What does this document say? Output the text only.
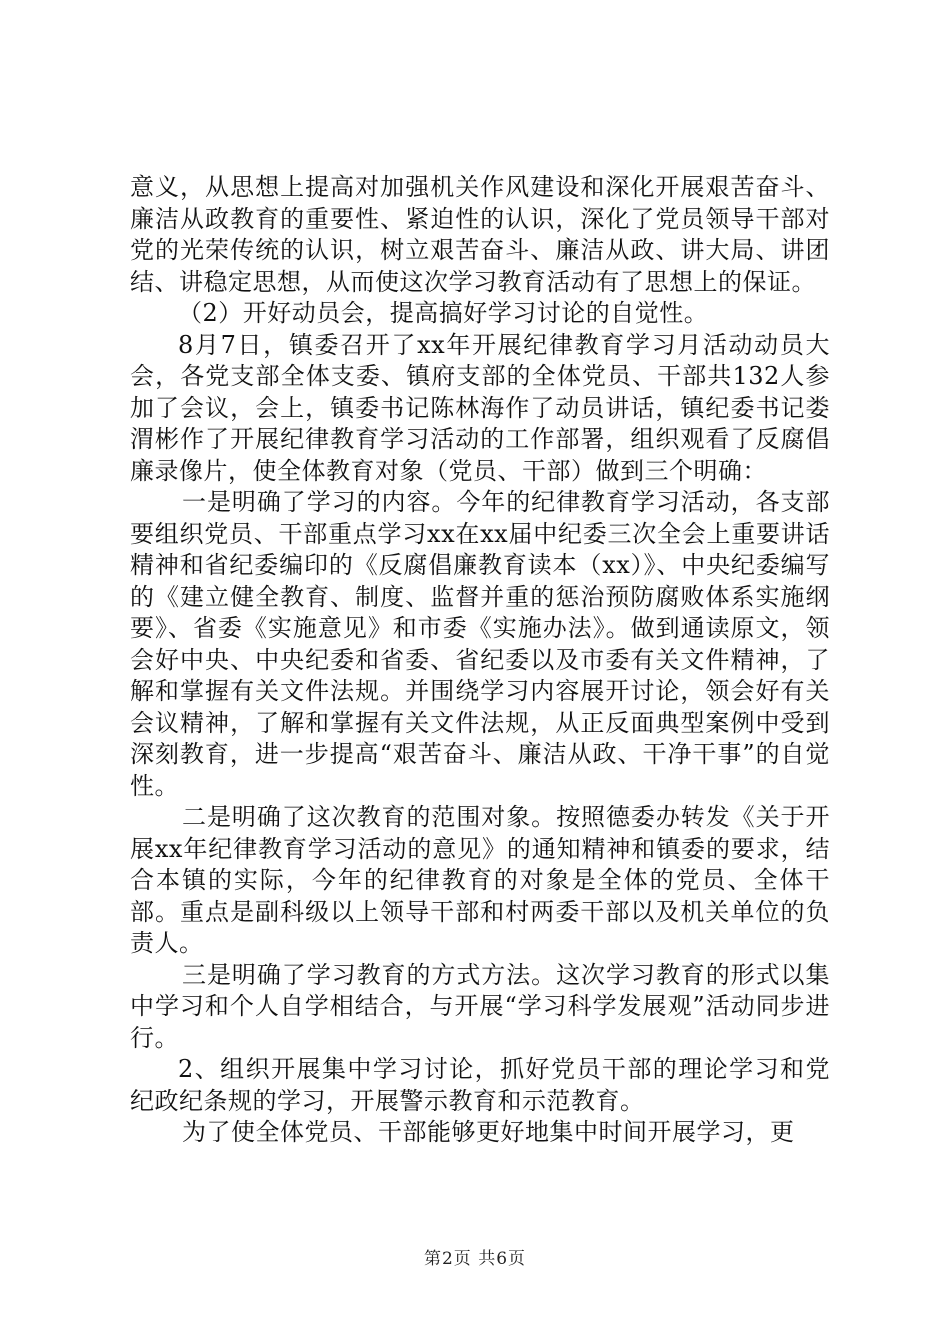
意义，从思想上提高对加强机关作风建设和深化开展艰苦奋斗、廉洁从政教育的重要性、紧迫性的认识，深化了党员领导干部对党的光荣传统的认识，树立艰苦奋斗、廉洁从政、讲大局、讲团结、讲稳定思想，从而使这次学习教育活动有了思想上的保证。

（2）开好动员会，提高搞好学习讨论的自觉性。

8月7日，镇委召开了xx年开展纪律教育学习月活动动员大会，各党支部全体支委、镇府支部的全体党员、干部共132人参加了会议，会上，镇委书记陈林海作了动员讲话，镇纪委书记娄渭彬作了开展纪律教育学习活动的工作部署，组织观看了反腐倡廉录像片，使全体教育对象（党员、干部）做到三个明确：

一是明确了学习的内容。今年的纪律教育学习活动，各支部要组织党员、干部重点学习xx在xx届中纪委三次全会上重要讲话精神和省纪委编印的《反腐倡廉教育读本（xx）》、中央纪委编写的《建立健全教育、制度、监督并重的惩治预防腐败体系实施纲要》、省委《实施意见》和市委《实施办法》。做到通读原文，领会好中央、中央纪委和省委、省纪委以及市委有关文件精神，了解和掌握有关文件法规。并围绕学习内容展开讨论，领会好有关会议精神，了解和掌握有关文件法规，从正反面典型案例中受到深刻教育，进一步提高“艰苦奋斗、廉洁从政、干净干事”的自觉性。

二是明确了这次教育的范围对象。按照德委办转发《关于开展xx年纪律教育学习活动的意见》的通知精神和镇委的要求，结合本镇的实际，今年的纪律教育的对象是全体的党员、全体干部。重点是副科级以上领导干部和村两委干部以及机关单位的负责人。

三是明确了学习教育的方式方法。这次学习教育的形式以集中学习和个人自学相结合，与开展“学习科学发展观”活动同步进行。

2、组织开展集中学习讨论，抓好党员干部的理论学习和党纪政纪条规的学习，开展警示教育和示范教育。

为了使全体党员、干部能够更好地集中时间开展学习，更

第2页 共6页
